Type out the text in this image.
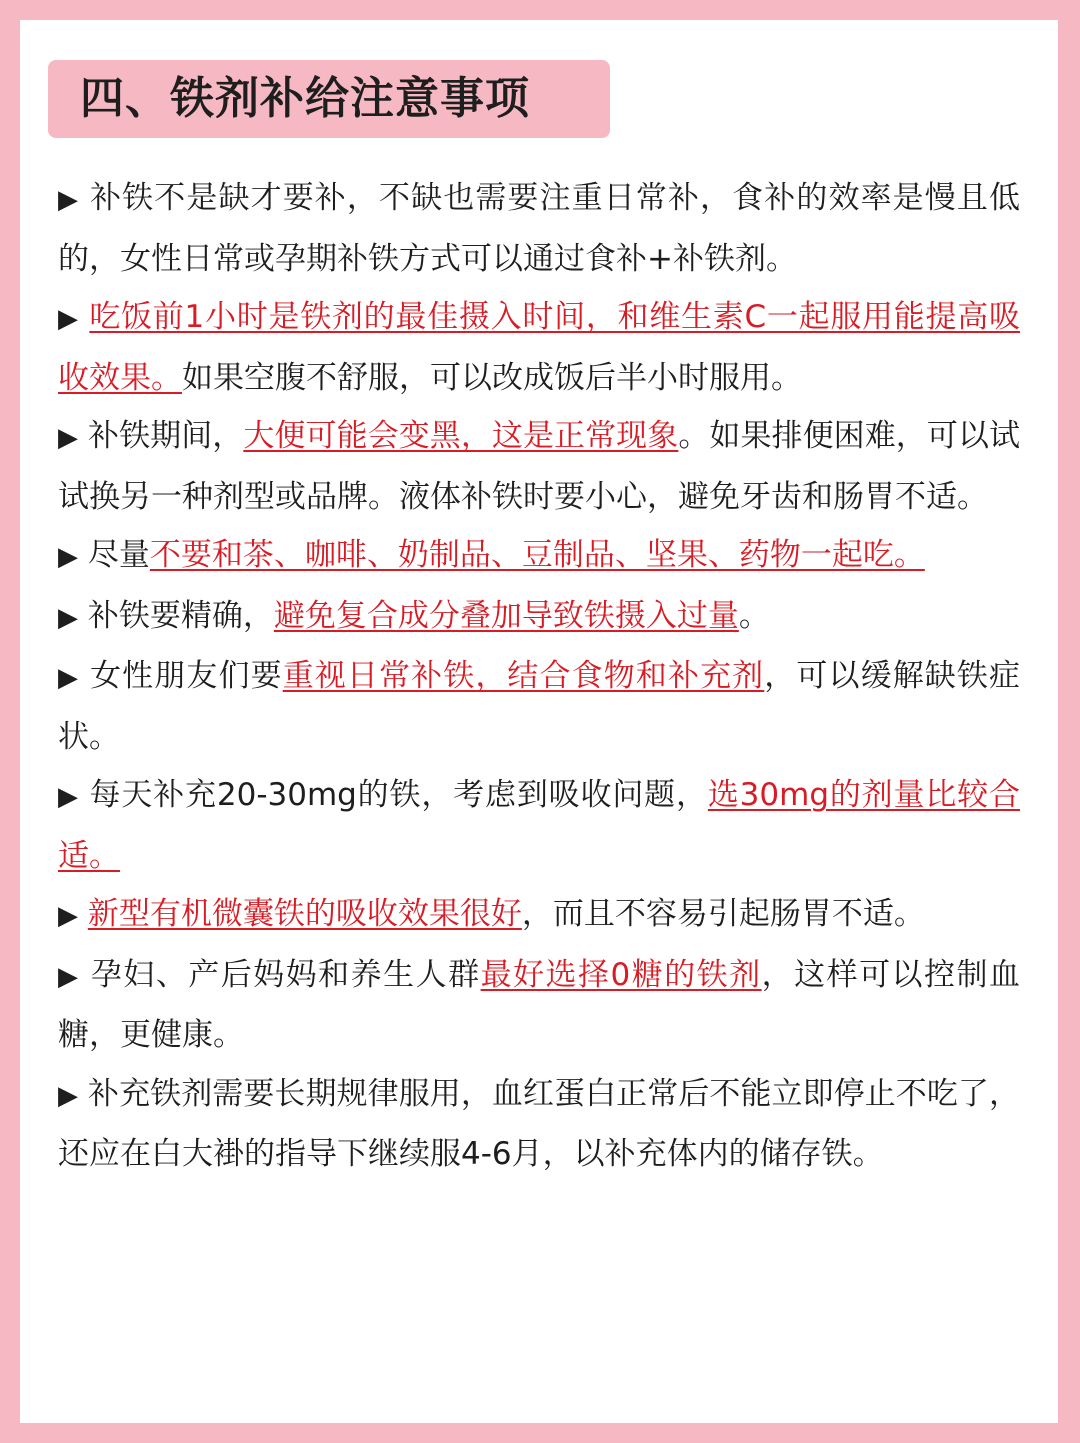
四、铁剂补给注意事项

▶ 补铁不是缺才要补，不缺也需要注重日常补，食补的效率是慢且低的，女性日常或孕期补铁方式可以通过食补+补铁剂。

▶ 吃饭前1小时是铁剂的最佳摄入时间，和维生素C一起服用能提高吸收效果。如果空腹不舒服，可以改成饭后半小时服用。

▶ 补铁期间，大便可能会变黑，这是正常现象。如果排便困难，可以试试换另一种剂型或品牌。液体补铁时要小心，避免牙齿和肠胃不适。

▶ 尽量不要和茶、咖啡、奶制品、豆制品、坚果、药物一起吃。

▶ 补铁要精确，避免复合成分叠加导致铁摄入过量。

▶ 女性朋友们要重视日常补铁，结合食物和补充剂，可以缓解缺铁症状。

▶ 每天补充20-30mg的铁，考虑到吸收问题，选30mg的剂量比较合适。

▶ 新型有机微囊铁的吸收效果很好，而且不容易引起肠胃不适。

▶ 孕妇、产后妈妈和养生人群最好选择0糖的铁剂，这样可以控制血糖，更健康。

▶ 补充铁剂需要长期规律服用，血红蛋白正常后不能立即停止不吃了，还应在白大褂的指导下继续服4-6月，以补充体内的储存铁。
